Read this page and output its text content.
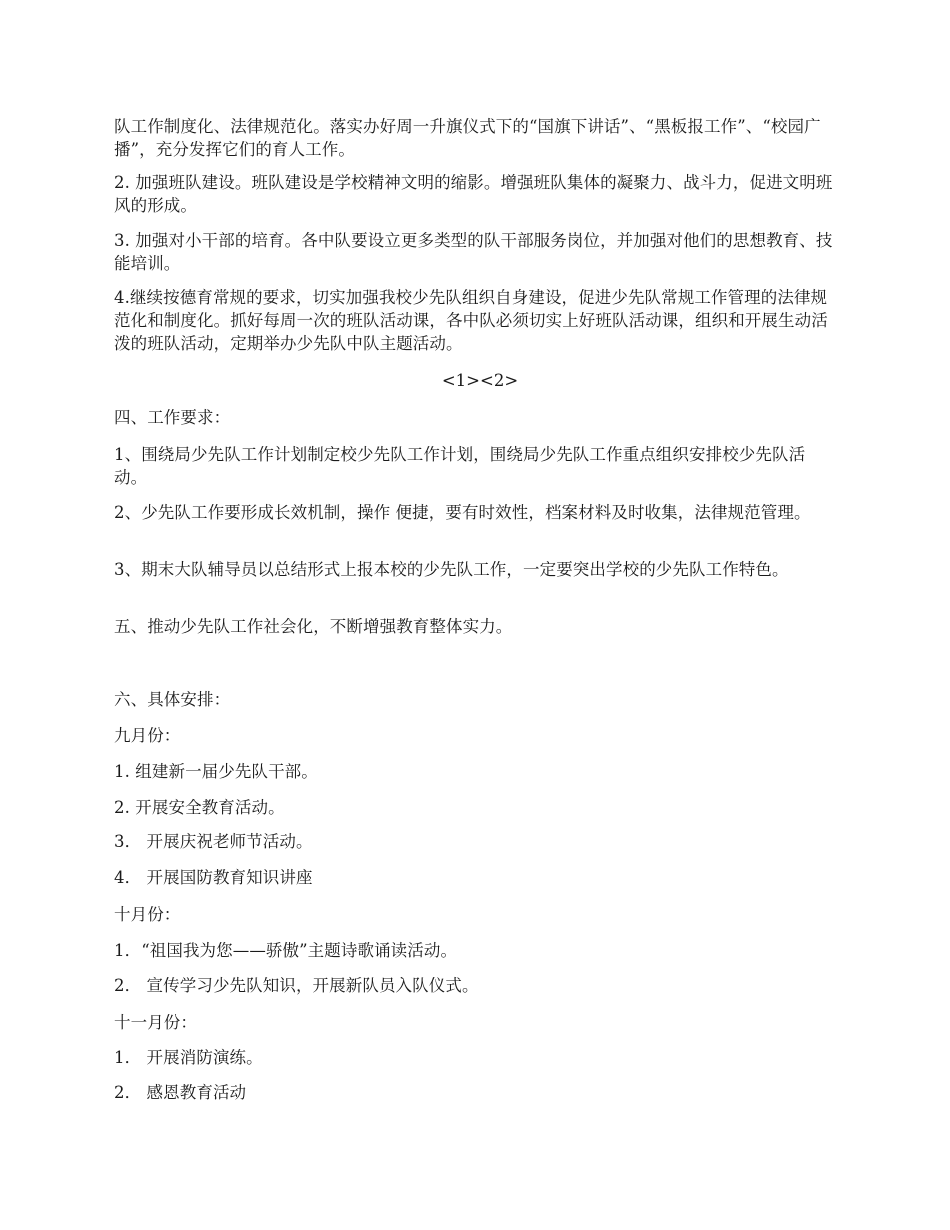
队工作制度化、法律规范化。落实办好周一升旗仪式下的“国旗下讲话”、“黑板报工作”、“校园广播”，充分发挥它们的育人工作。
2. 加强班队建设。班队建设是学校精神文明的缩影。增强班队集体的凝聚力、战斗力，促进文明班风的形成。
3. 加强对小干部的培育。各中队要设立更多类型的队干部服务岗位，并加强对他们的思想教育、技能培训。
4.继续按德育常规的要求，切实加强我校少先队组织自身建设，促进少先队常规工作管理的法律规范化和制度化。抓好每周一次的班队活动课，各中队必须切实上好班队活动课，组织和开展生动活泼的班队活动，定期举办少先队中队主题活动。
<1><2>
四、工作要求：
1、围绕局少先队工作计划制定校少先队工作计划，围绕局少先队工作重点组织安排校少先队活动。
2、少先队工作要形成长效机制，操作 便捷，要有时效性，档案材料及时收集，法律规范管理。
3、期末大队辅导员以总结形式上报本校的少先队工作，一定要突出学校的少先队工作特色。
五、推动少先队工作社会化，不断增强教育整体实力。
六、具体安排：
九月份：
1. 组建新一届少先队干部。
2. 开展安全教育活动。
3． 开展庆祝老师节活动。
4． 开展国防教育知识讲座
十月份：
1．“祖国我为您——骄傲”主题诗歌诵读活动。
2． 宣传学习少先队知识，开展新队员入队仪式。
十一月份：
1． 开展消防演练。
2． 感恩教育活动
